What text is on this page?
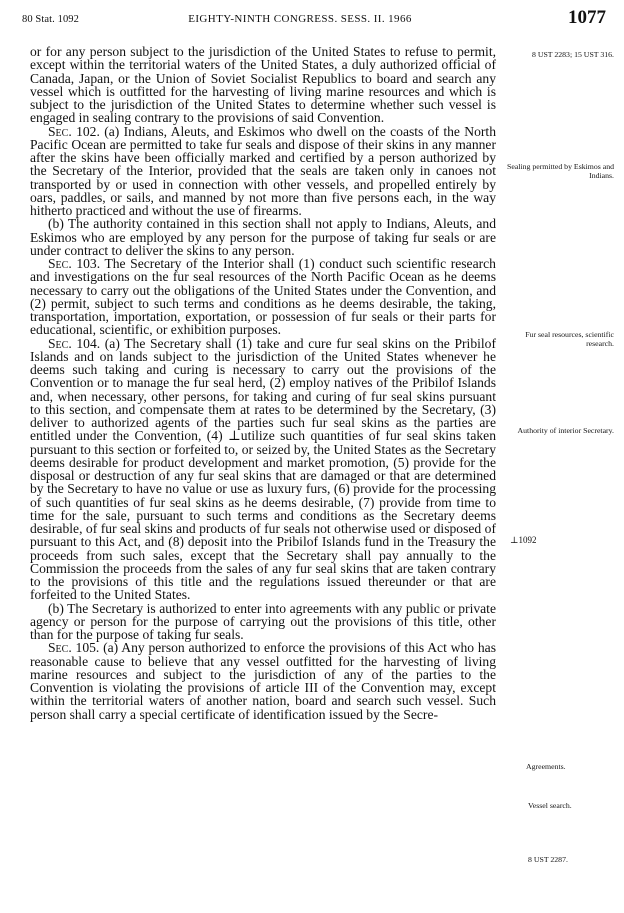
80 Stat. 1092	EIGHTY-NINTH CONGRESS. SESS. II. 1966	1077

or for any person subject to the jurisdiction of the United States to refuse to permit, except within the territorial waters of the United States, a duly authorized official of Canada, Japan, or the Union of Soviet Socialist Republics to board and search any vessel which is outfitted for the harvesting of living marine resources and which is subject to the jurisdiction of the United States to determine whether such vessel is engaged in sealing contrary to the provisions of said Convention.

Sec. 102. (a) Indians, Aleuts, and Eskimos who dwell on the coasts of the North Pacific Ocean are permitted to take fur seals and dispose of their skins in any manner after the skins have been officially marked and certified by a person authorized by the Secretary of the Interior, provided that the seals are taken only in canoes not transported by or used in connection with other vessels, and propelled entirely by oars, paddles, or sails, and manned by not more than five persons each, in the way hitherto practiced and without the use of firearms.

(b) The authority contained in this section shall not apply to Indians, Aleuts, and Eskimos who are employed by any person for the purpose of taking fur seals or are under contract to deliver the skins to any person.

Sec. 103. The Secretary of the Interior shall (1) conduct such scientific research and investigations on the fur seal resources of the North Pacific Ocean as he deems necessary to carry out the obligations of the United States under the Convention, and (2) permit, subject to such terms and conditions as he deems desirable, the taking, transportation, importation, exportation, or possession of fur seals or their parts for educational, scientific, or exhibition purposes.

Sec. 104. (a) The Secretary shall (1) take and cure fur seal skins on the Pribilof Islands and on lands subject to the jurisdiction of the United States whenever he deems such taking and curing is necessary to carry out the provisions of the Convention or to manage the fur seal herd, (2) employ natives of the Pribilof Islands and, when necessary, other persons, for taking and curing of fur seal skins pursuant to this section, and compensate them at rates to be determined by the Secretary, (3) deliver to authorized agents of the parties such fur seal skins as the parties are entitled under the Convention, (4) ⊥utilize such quantities of fur seal skins taken pursuant to this section or forfeited to, or seized by, the United States as the Secretary deems desirable for product development and market promotion, (5) provide for the disposal or destruction of any fur seal skins that are damaged or that are determined by the Secretary to have no value or use as luxury furs, (6) provide for the processing of such quantities of fur seal skins as he deems desirable, (7) provide from time to time for the sale, pursuant to such terms and conditions as the Secretary deems desirable, of fur seal skins and products of fur seals not otherwise used or disposed of pursuant to this Act, and (8) deposit into the Pribilof Islands fund in the Treasury the proceeds from such sales, except that the Secretary shall pay annually to the Commission the proceeds from the sales of any fur seal skins that are taken contrary to the provisions of this title and the regulations issued thereunder or that are forfeited to the United States.

(b) The Secretary is authorized to enter into agreements with any public or private agency or person for the purpose of carrying out the provisions of this title, other than for the purpose of taking fur seals.

Sec. 105. (a) Any person authorized to enforce the provisions of this Act who has reasonable cause to believe that any vessel outfitted for the harvesting of living marine resources and subject to the jurisdiction of any of the parties to the Convention is violating the provisions of article III of the Convention may, except within the territorial waters of another nation, board and search such vessel. Such person shall carry a special certificate of identification issued by the Secre-

8 UST 2283; 15 UST 316.
Sealing permitted by Eskimos and Indians.
Fur seal resources, scientific research.
Authority of interior Secretary.
⊥1092
Agreements.
Vessel search.
8 UST 2287.
